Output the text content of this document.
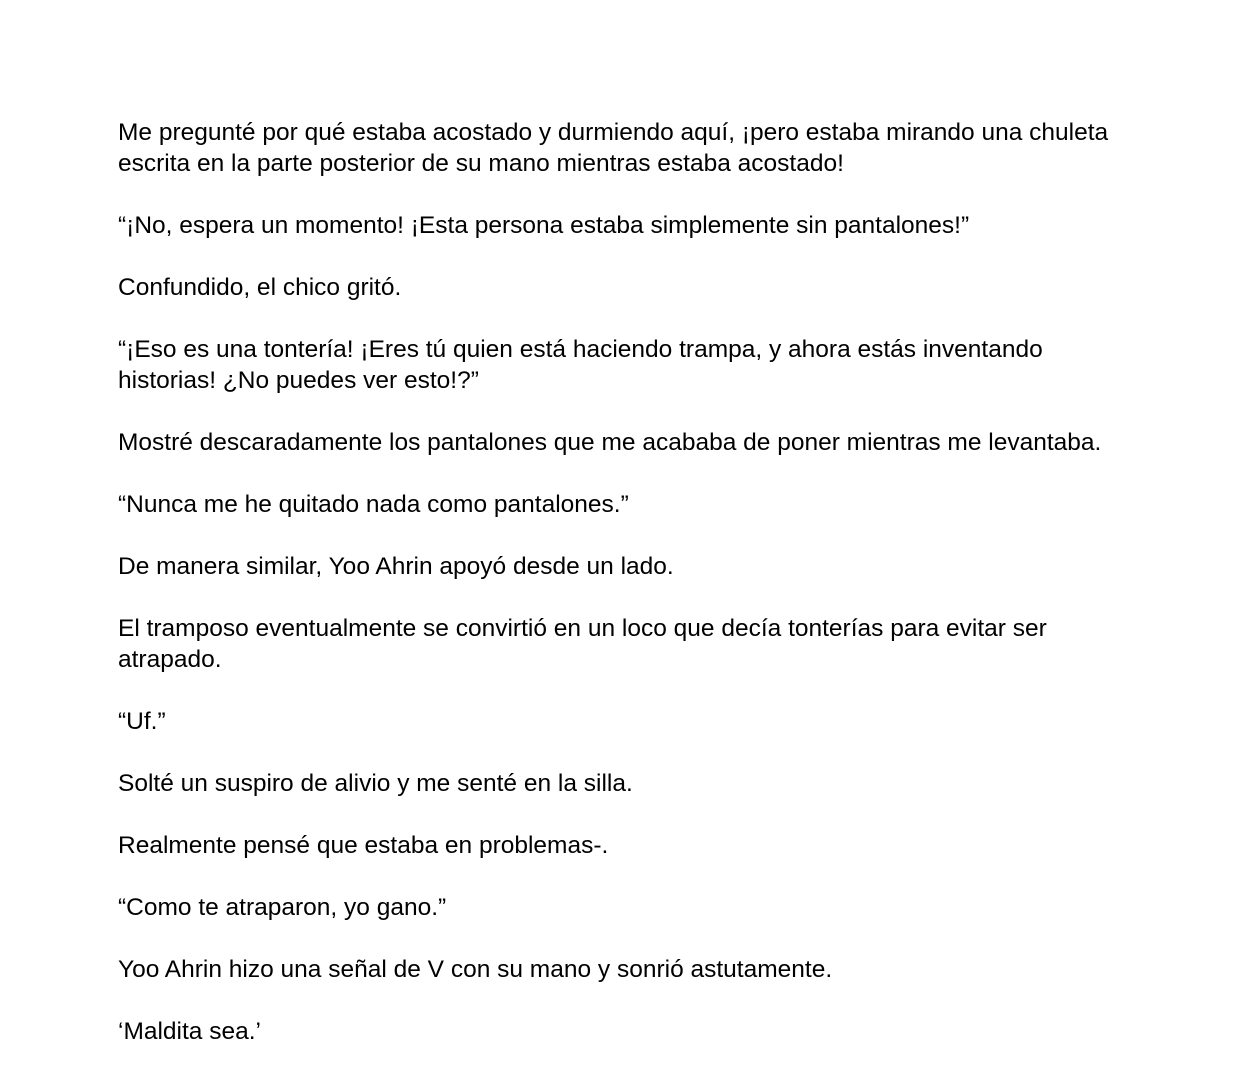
Me pregunté por qué estaba acostado y durmiendo aquí, ¡pero estaba mirando una chuleta escrita en la parte posterior de su mano mientras estaba acostado!

“¡No, espera un momento! ¡Esta persona estaba simplemente sin pantalones!”

Confundido, el chico gritó.

“¡Eso es una tontería! ¡Eres tú quien está haciendo trampa, y ahora estás inventando historias! ¿No puedes ver esto!?”

Mostré descaradamente los pantalones que me acababa de poner mientras me levantaba.

“Nunca me he quitado nada como pantalones.”

De manera similar, Yoo Ahrin apoyó desde un lado.

El tramposo eventualmente se convirtió en un loco que decía tonterías para evitar ser atrapado.

“Uf.”

Solté un suspiro de alivio y me senté en la silla.

Realmente pensé que estaba en problemas-.

“Como te atraparon, yo gano.”

Yoo Ahrin hizo una señal de V con su mano y sonrió astutamente.

‘Maldita sea.’
